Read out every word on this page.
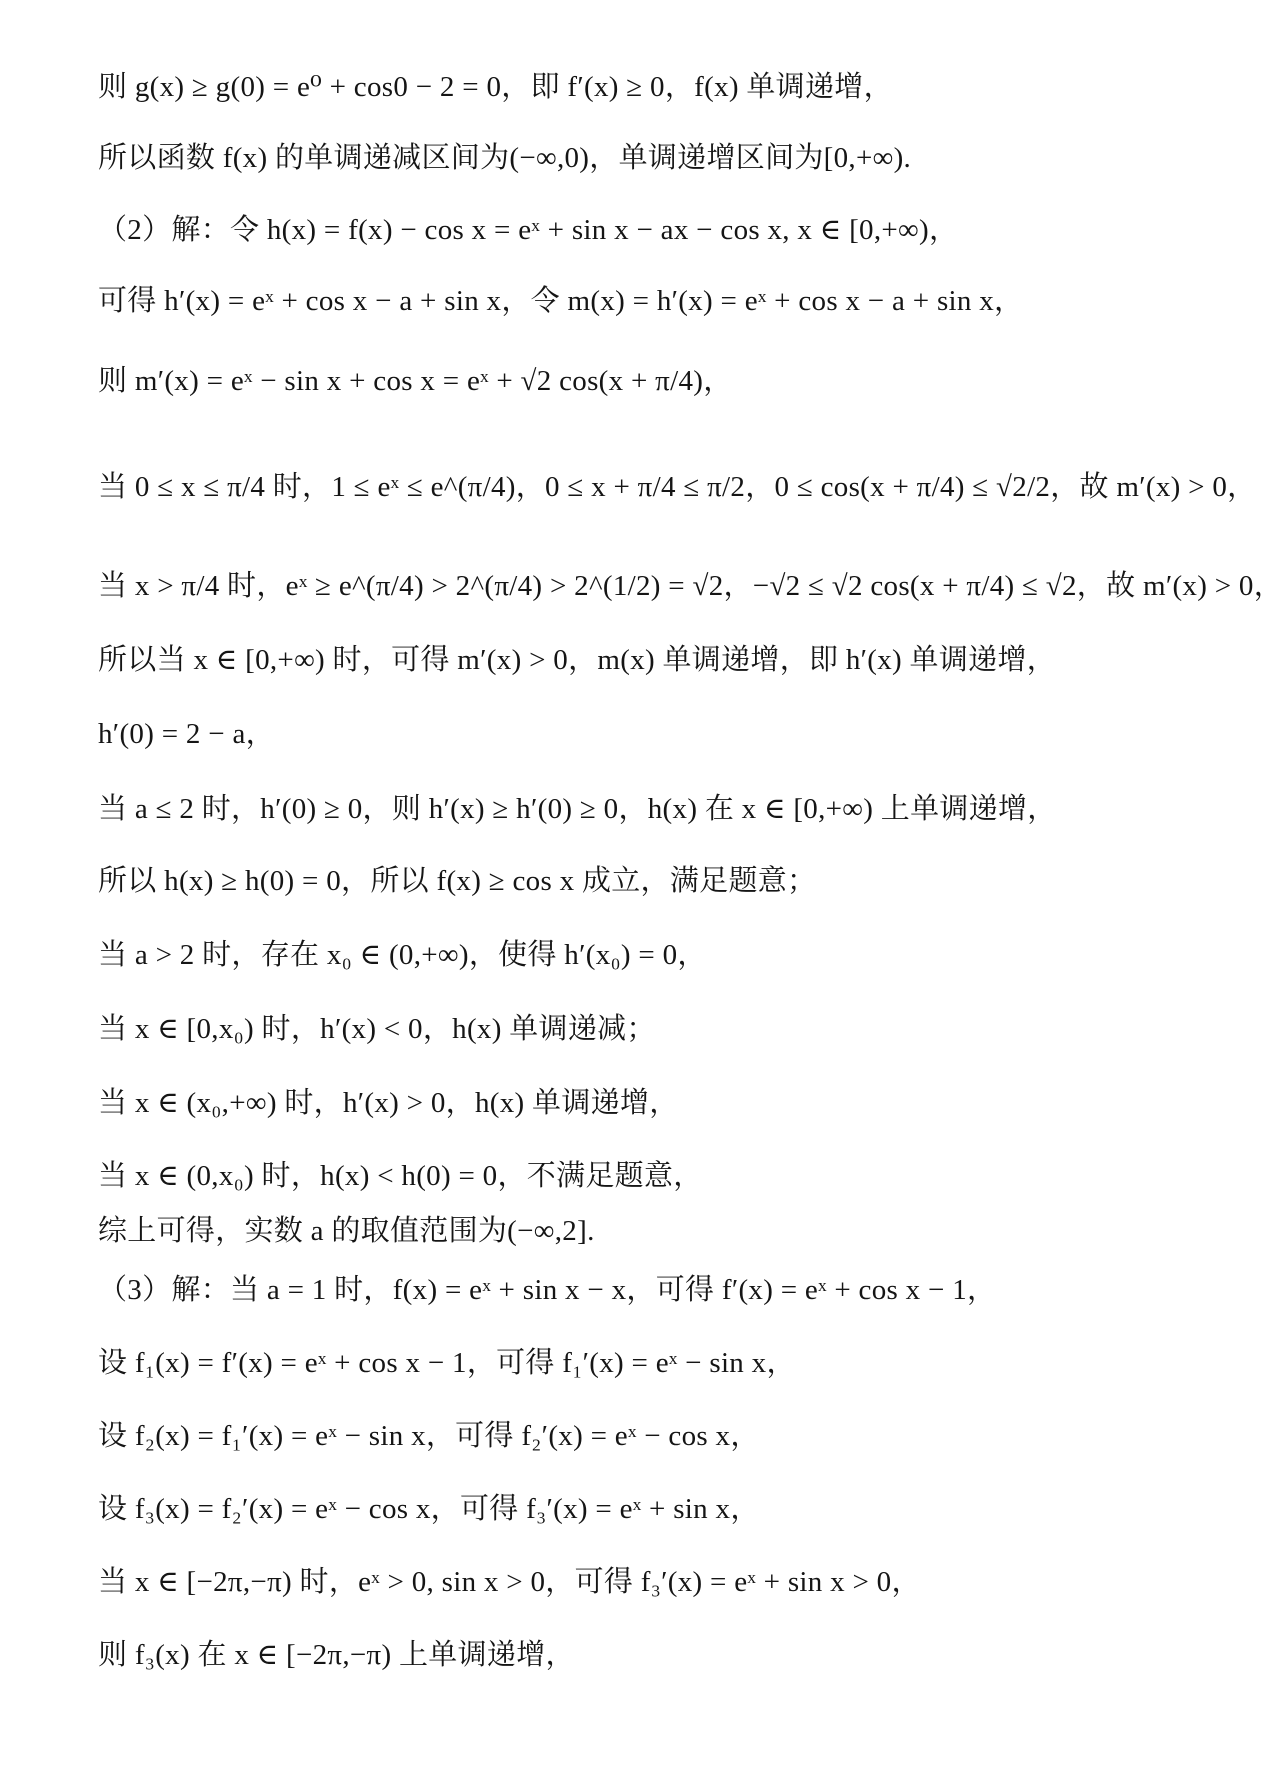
则 g(x) ≥ g(0) = e⁰ + cos0 − 2 = 0，即 f′(x) ≥ 0，f(x) 单调递增，
所以函数 f(x) 的单调递减区间为(−∞,0)，单调递增区间为[0,+∞).
（2）解：令 h(x) = f(x) − cos x = eˣ + sin x − ax − cos x, x ∈ [0,+∞)，
可得 h′(x) = eˣ + cos x − a + sin x，令 m(x) = h′(x) = eˣ + cos x − a + sin x，
则 m′(x) = eˣ − sin x + cos x = eˣ + √2 cos(x + π/4)，
当 0 ≤ x ≤ π/4 时，1 ≤ eˣ ≤ e^(π/4)，0 ≤ x + π/4 ≤ π/2，0 ≤ cos(x + π/4) ≤ √2/2，故 m′(x) > 0，
当 x > π/4 时，eˣ ≥ e^(π/4) > 2^(π/4) > 2^(1/2) = √2，−√2 ≤ √2 cos(x + π/4) ≤ √2，故 m′(x) > 0，
所以当 x ∈ [0,+∞) 时，可得 m′(x) > 0，m(x) 单调递增，即 h′(x) 单调递增，
h′(0) = 2 − a，
当 a ≤ 2 时，h′(0) ≥ 0，则 h′(x) ≥ h′(0) ≥ 0，h(x) 在 x ∈ [0,+∞) 上单调递增，
所以 h(x) ≥ h(0) = 0，所以 f(x) ≥ cos x 成立，满足题意；
当 a > 2 时，存在 x₀ ∈ (0,+∞)，使得 h′(x₀) = 0，
当 x ∈ [0,x₀) 时，h′(x) < 0，h(x) 单调递减；
当 x ∈ (x₀,+∞) 时，h′(x) > 0，h(x) 单调递增，
当 x ∈ (0,x₀) 时，h(x) < h(0) = 0，不满足题意，
综上可得，实数 a 的取值范围为(−∞,2].
（3）解：当 a = 1 时，f(x) = eˣ + sin x − x，可得 f′(x) = eˣ + cos x − 1，
设 f₁(x) = f′(x) = eˣ + cos x − 1，可得 f₁′(x) = eˣ − sin x，
设 f₂(x) = f₁′(x) = eˣ − sin x，可得 f₂′(x) = eˣ − cos x，
设 f₃(x) = f₂′(x) = eˣ − cos x，可得 f₃′(x) = eˣ + sin x，
当 x ∈ [−2π,−π) 时，eˣ > 0, sin x > 0，可得 f₃′(x) = eˣ + sin x > 0，
则 f₃(x) 在 x ∈ [−2π,−π) 上单调递增，
